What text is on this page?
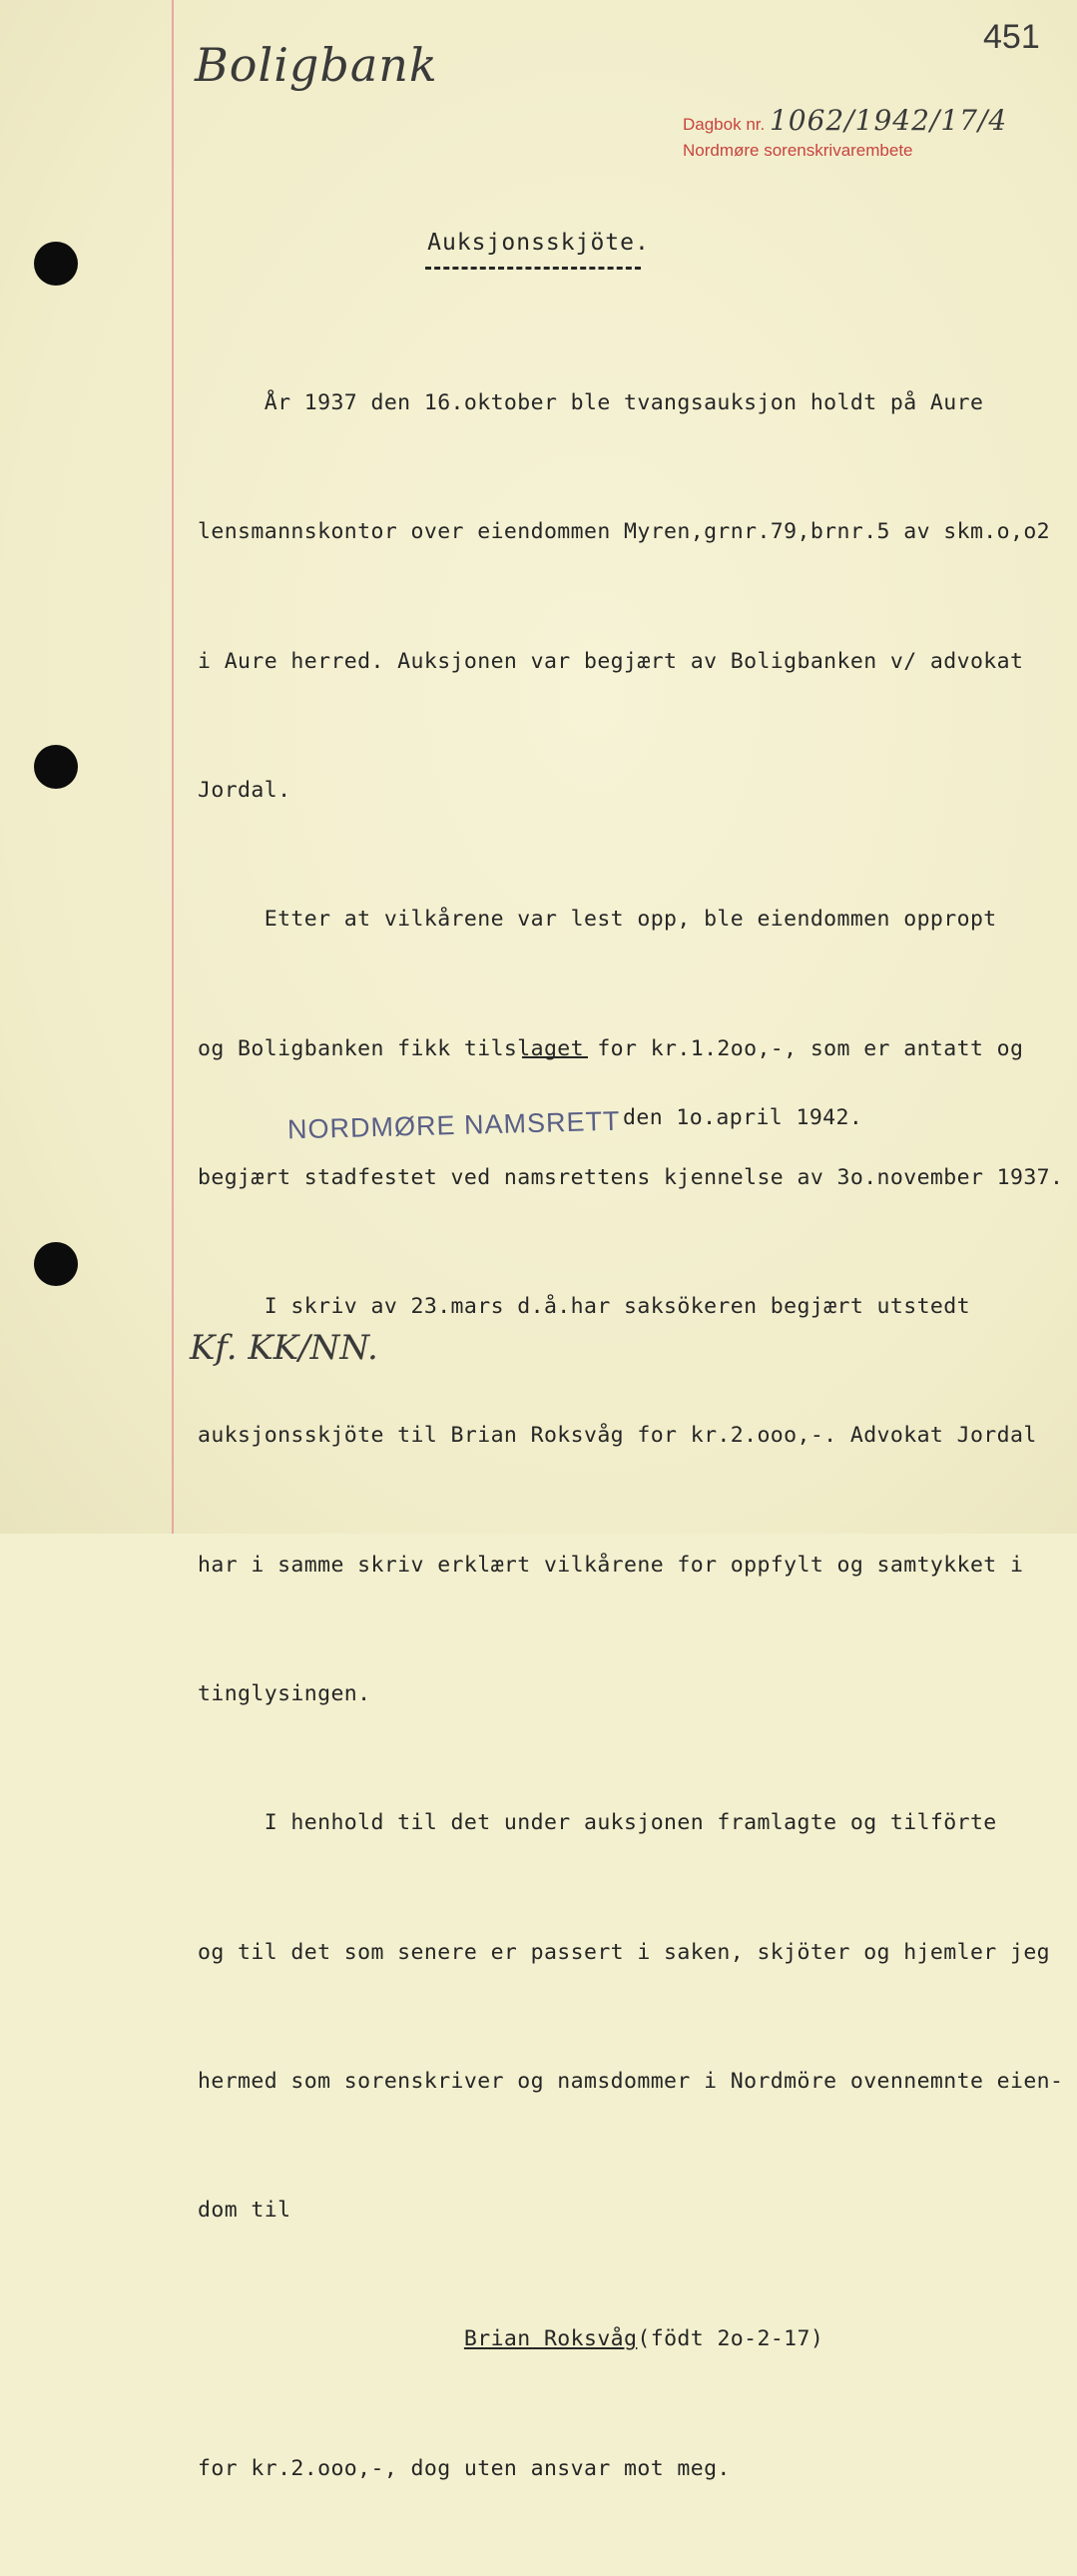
Boligbank
451
Dagbok nr. 1062/1942/17/4
Nordmøre sorenskrivarembete
Auksjonsskjöte.

År 1937 den 16.oktober ble tvangsauksjon holdt på Aure

lensmannskontor over eiendommen Myren,grnr.79,brnr.5 av skm.o,o2

i Aure herred. Auksjonen var begjært av Boligbanken v/ advokat

Jordal.

Etter at vilkårene var lest opp, ble eiendommen oppropt

og Boligbanken fikk tilslaget for kr.1.2oo,-, som er antatt og

begjært stadfestet ved namsrettens kjennelse av 3o.november 1937.

I skriv av 23.mars d.å.har saksökeren begjært utstedt

auksjonsskjöte til Brian Roksvåg for kr.2.ooo,-. Advokat Jordal

har i samme skriv erklært vilkårene for oppfylt og samtykket i

tinglysingen.

I henhold til det under auksjonen framlagte og tilförte

og til det som senere er passert i saken, skjöter og hjemler jeg

hermed som sorenskriver og namsdommer i Nordmöre ovennemnte eien-

dom til

Brian Roksvåg(födt 2o-2-17)

for kr.2.ooo,-, dog uten ansvar mot meg.

NORDMØRE NAMSRETT den 1o.april 1942.
Kf. KK/NN.
